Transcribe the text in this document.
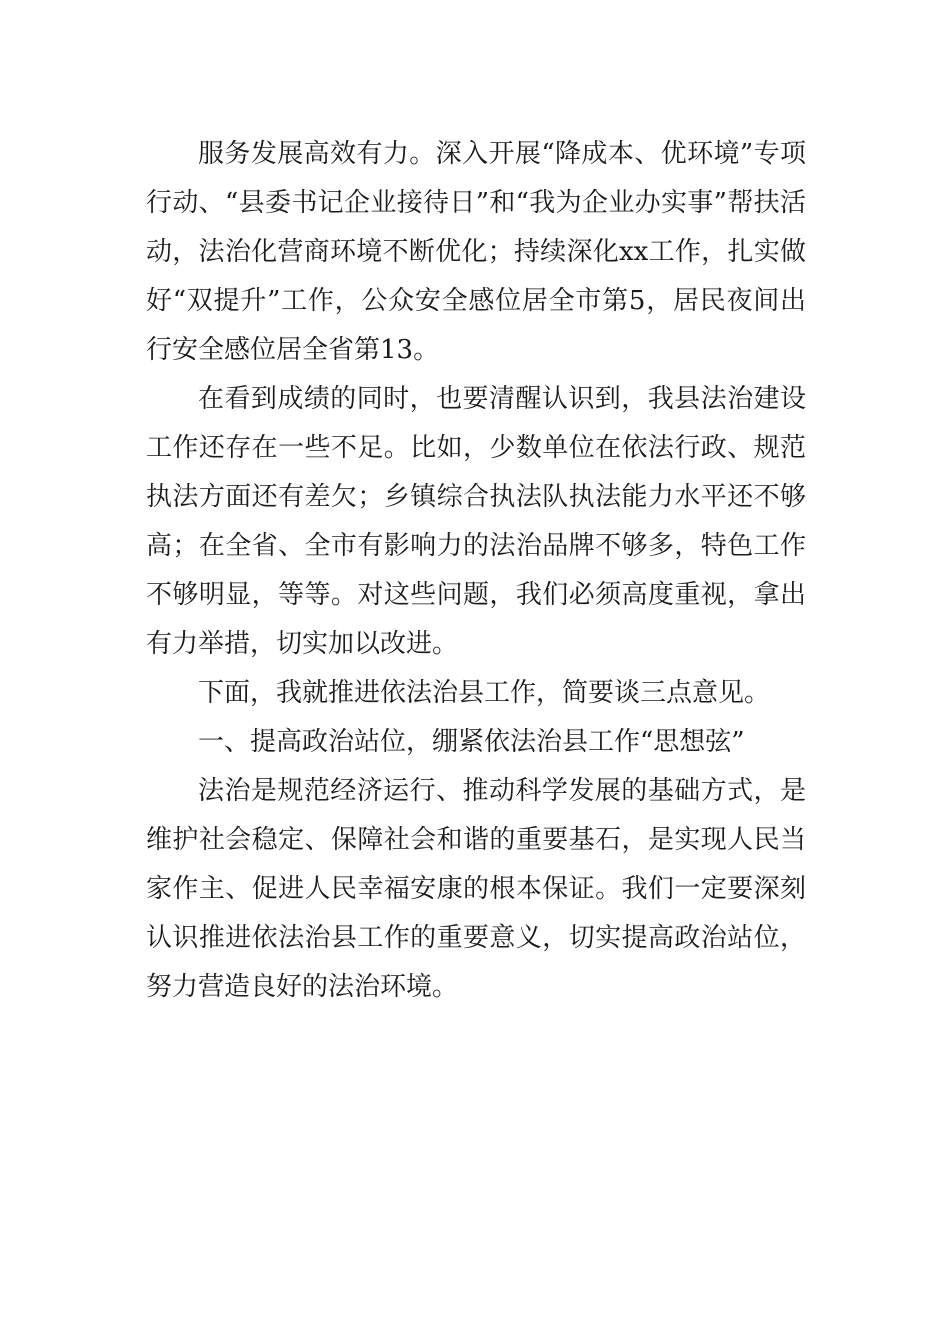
服务发展高效有力。深入开展“降成本、优环境”专项行动、“县委书记企业接待日”和“我为企业办实事”帮扶活动，法治化营商环境不断优化；持续深化xx工作，扎实做好“双提升”工作，公众安全感位居全市第5，居民夜间出行安全感位居全省第13。

在看到成绩的同时，也要清醒认识到，我县法治建设工作还存在一些不足。比如，少数单位在依法行政、规范执法方面还有差欠；乡镇综合执法队执法能力水平还不够高；在全省、全市有影响力的法治品牌不够多，特色工作不够明显，等等。对这些问题，我们必须高度重视，拿出有力举措，切实加以改进。

下面，我就推进依法治县工作，简要谈三点意见。

一、提高政治站位，绷紧依法治县工作“思想弦”

法治是规范经济运行、推动科学发展的基础方式，是维护社会稳定、保障社会和谐的重要基石，是实现人民当家作主、促进人民幸福安康的根本保证。我们一定要深刻认识推进依法治县工作的重要意义，切实提高政治站位，努力营造良好的法治环境。
